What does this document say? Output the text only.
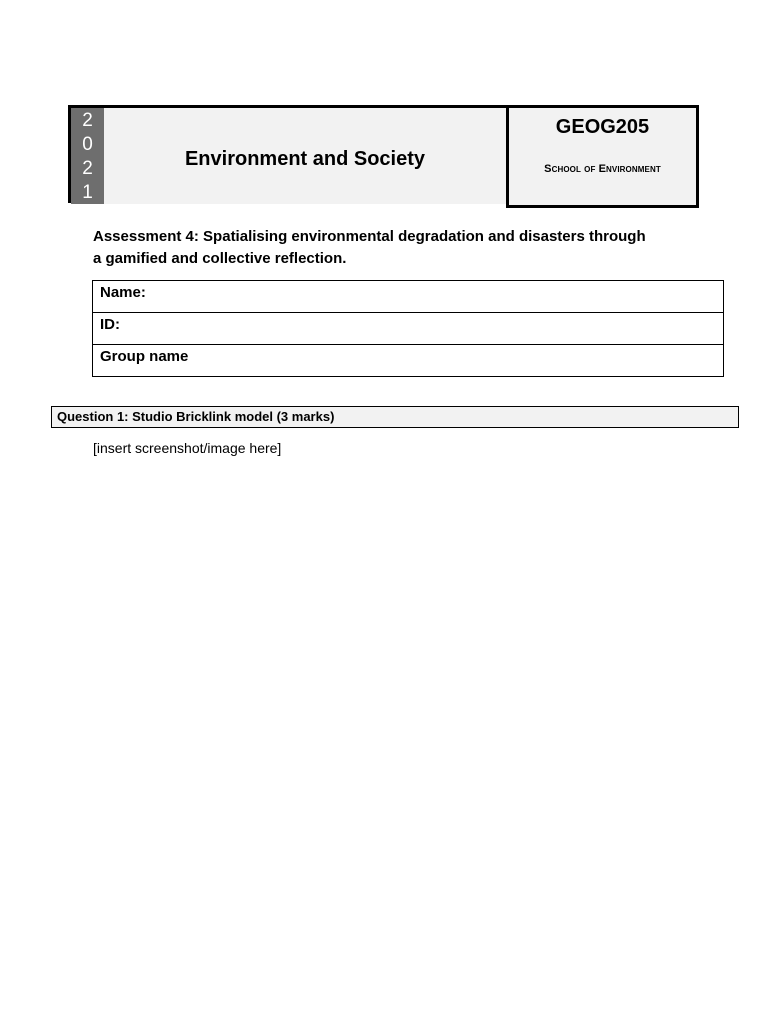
2
0
2
1
Environment and Society
GEOG205
School of Environment
Assessment 4: Spatialising environmental degradation and disasters through
a gamified and collective reflection.
Name:
ID:
Group name
Question 1: Studio Bricklink model (3 marks)
[insert screenshot/image here]
